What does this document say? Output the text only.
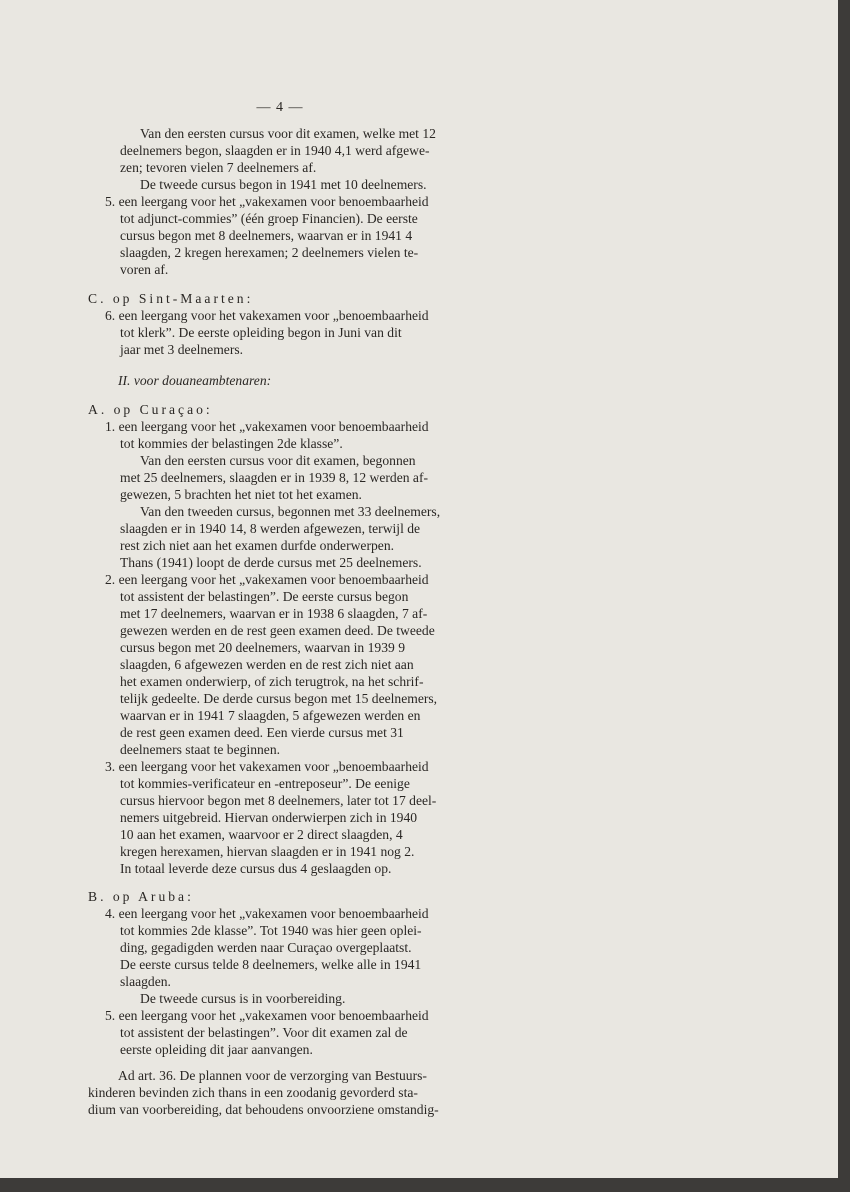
— 4 —
Van den eersten cursus voor dit examen, welke met 12
deelnemers begon, slaagden er in 1940 4,1 werd afgewe-
zen; tevoren vielen 7 deelnemers af.
De tweede cursus begon in 1941 met 10 deelnemers.
5. een leergang voor het „vakexamen voor benoembaarheid
tot adjunct-commies” (één groep Financien). De eerste
cursus begon met 8 deelnemers, waarvan er in 1941 4
slaagden, 2 kregen herexamen; 2 deelnemers vielen te-
voren af.
C. op Sint-Maarten:
6. een leergang voor het vakexamen voor „benoembaarheid
tot klerk”. De eerste opleiding begon in Juni van dit
jaar met 3 deelnemers.
II. voor douaneambtenaren:
A. op Curaçao:
1. een leergang voor het „vakexamen voor benoembaarheid
tot kommies der belastingen 2de klasse”.
Van den eersten cursus voor dit examen, begonnen
met 25 deelnemers, slaagden er in 1939 8, 12 werden af-
gewezen, 5 brachten het niet tot het examen.
Van den tweeden cursus, begonnen met 33 deelnemers,
slaagden er in 1940 14, 8 werden afgewezen, terwijl de
rest zich niet aan het examen durfde onderwerpen.
Thans (1941) loopt de derde cursus met 25 deelnemers.
2. een leergang voor het „vakexamen voor benoembaarheid
tot assistent der belastingen”. De eerste cursus begon
met 17 deelnemers, waarvan er in 1938 6 slaagden, 7 af-
gewezen werden en de rest geen examen deed. De tweede
cursus begon met 20 deelnemers, waarvan in 1939 9
slaagden, 6 afgewezen werden en de rest zich niet aan
het examen onderwierp, of zich terugtrok, na het schrif-
telijk gedeelte. De derde cursus begon met 15 deelnemers,
waarvan er in 1941 7 slaagden, 5 afgewezen werden en
de rest geen examen deed. Een vierde cursus met 31
deelnemers staat te beginnen.
3. een leergang voor het vakexamen voor „benoembaarheid
tot kommies-verificateur en -entreposeur”. De eenige
cursus hiervoor begon met 8 deelnemers, later tot 17 deel-
nemers uitgebreid. Hiervan onderwierpen zich in 1940
10 aan het examen, waarvoor er 2 direct slaagden, 4
kregen herexamen, hiervan slaagden er in 1941 nog 2.
In totaal leverde deze cursus dus 4 geslaagden op.
B. op Aruba:
4. een leergang voor het „vakexamen voor benoembaarheid
tot kommies 2de klasse”. Tot 1940 was hier geen oplei-
ding, gegadigden werden naar Curaçao overgeplaatst.
De eerste cursus telde 8 deelnemers, welke alle in 1941
slaagden.
De tweede cursus is in voorbereiding.
5. een leergang voor het „vakexamen voor benoembaarheid
tot assistent der belastingen”. Voor dit examen zal de
eerste opleiding dit jaar aanvangen.
Ad art. 36. De plannen voor de verzorging van Bestuurs-
kinderen bevinden zich thans in een zoodanig gevorderd sta-
dium van voorbereiding, dat behoudens onvoorziene omstandig-
